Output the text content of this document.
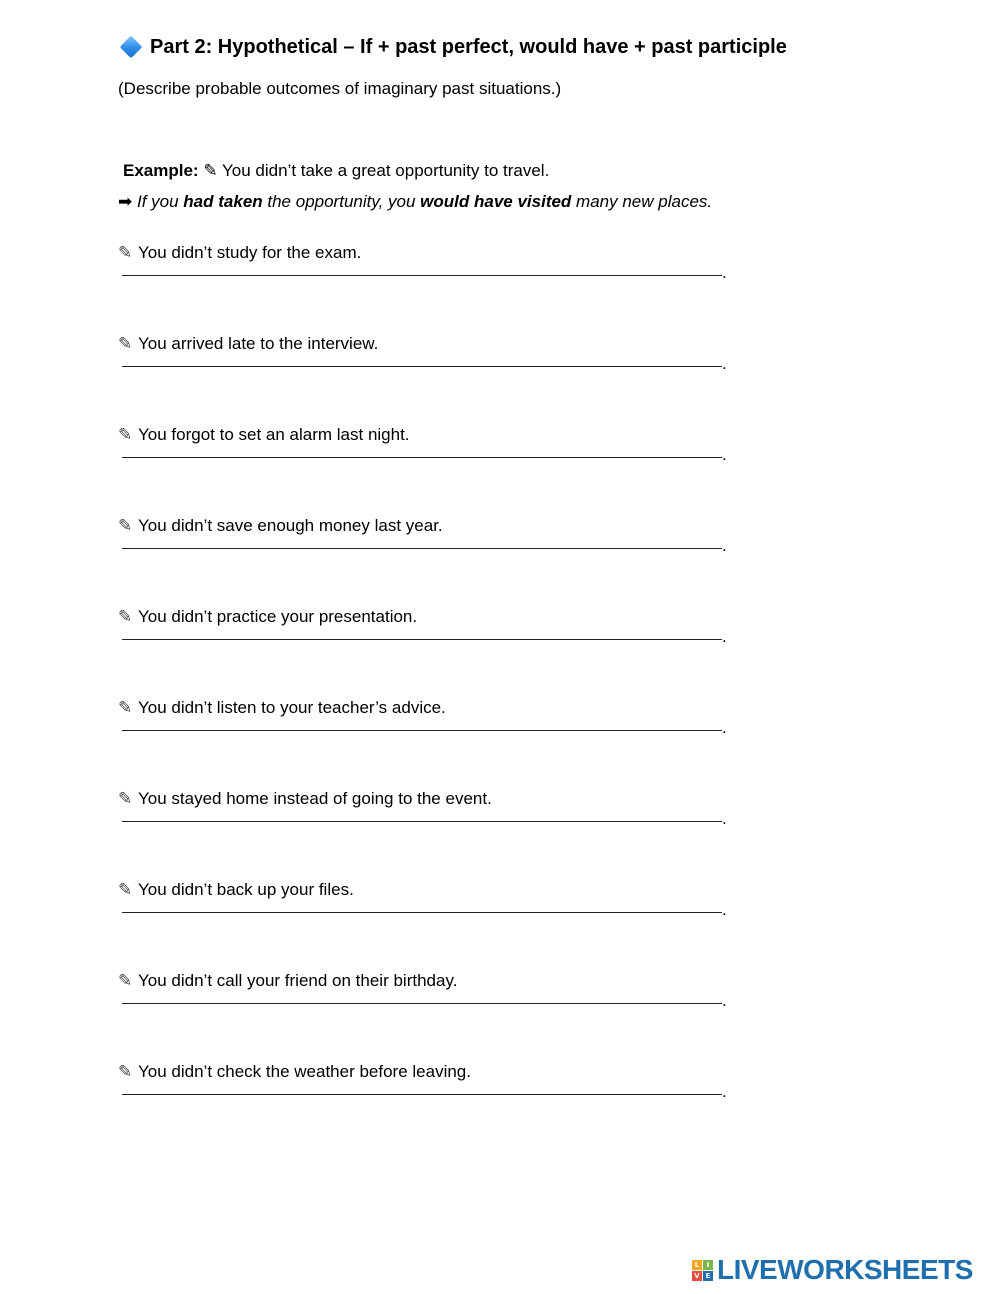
Part 2: Hypothetical – If + past perfect, would have + past participle
(Describe probable outcomes of imaginary past situations.)
Example: ✎ You didn’t take a great opportunity to travel.
➡ If you had taken the opportunity, you would have visited many new places.
✎ You didn’t study for the exam.
.
✎ You arrived late to the interview.
.
✎ You forgot to set an alarm last night.
.
✎ You didn’t save enough money last year.
.
✎ You didn’t practice your presentation.
.
✎ You didn’t listen to your teacher’s advice.
.
✎ You stayed home instead of going to the event.
.
✎ You didn’t back up your files.
.
✎ You didn’t call your friend on their birthday.
.
✎ You didn’t check the weather before leaving.
.
L	I
V E LIVEWORKSHEETS
